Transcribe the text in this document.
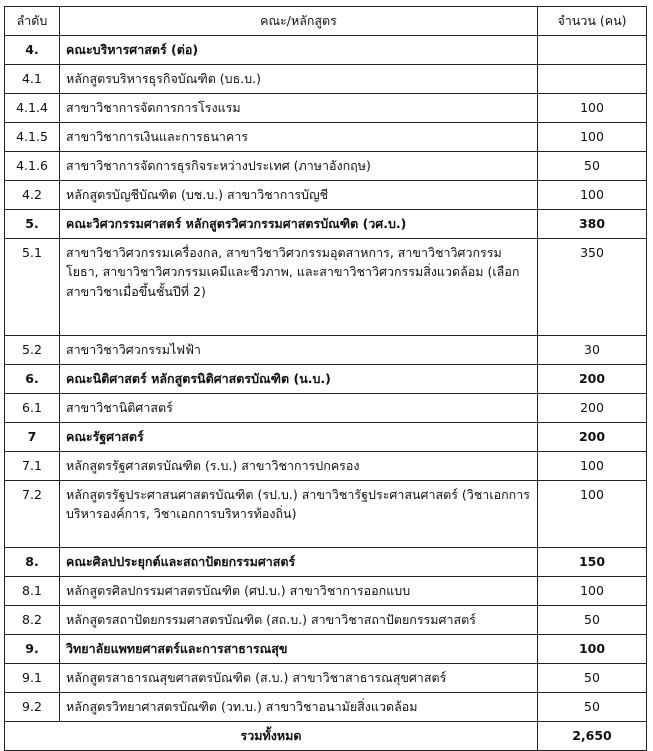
ลำดับ	คณะ/หลักสูตร	จำนวน (คน)
4.	คณะบริหารศาสตร์ (ต่อ)	
4.1	หลักสูตรบริหารธุรกิจบัณฑิต (บธ.บ.)	
4.1.4	สาขาวิชาการจัดการการโรงแรม	100
4.1.5	สาขาวิชาการเงินและการธนาคาร	100
4.1.6	สาขาวิชาการจัดการธุรกิจระหว่างประเทศ (ภาษาอังกฤษ)	50
4.2	หลักสูตรบัญชีบัณฑิต (บช.บ.) สาขาวิชาการบัญชี	100
5.	คณะวิศวกรรมศาสตร์ หลักสูตรวิศวกรรมศาสตรบัณฑิต (วศ.บ.)	380
5.1	สาขาวิชาวิศวกรรมเครื่องกล, สาขาวิชาวิศวกรรมอุตสาหการ, สาขาวิชาวิศวกรรมโยธา, สาขาวิชาวิศวกรรมเคมีและชีวภาพ, และสาขาวิชาวิศวกรรมสิ่งแวดล้อม (เลือกสาขาวิชาเมื่อขึ้นชั้นปีที่ 2)	350
5.2	สาขาวิชาวิศวกรรมไฟฟ้า	30
6.	คณะนิติศาสตร์ หลักสูตรนิติศาสตรบัณฑิต (น.บ.)	200
6.1	สาขาวิชานิติศาสตร์	200
7	คณะรัฐศาสตร์	200
7.1	หลักสูตรรัฐศาสตรบัณฑิต (ร.บ.) สาขาวิชาการปกครอง	100
7.2	หลักสูตรรัฐประศาสนศาสตรบัณฑิต (รป.บ.) สาขาวิชารัฐประศาสนศาสตร์ (วิชาเอกการบริหารองค์การ, วิชาเอกการบริหารท้องถิ่น)	100
8.	คณะศิลปประยุกต์และสถาปัตยกรรมศาสตร์	150
8.1	หลักสูตรศิลปกรรมศาสตรบัณฑิต (ศป.บ.) สาขาวิชาการออกแบบ	100
8.2	หลักสูตรสถาปัตยกรรมศาสตรบัณฑิต (สถ.บ.) สาขาวิชาสถาปัตยกรรมศาสตร์	50
9.	วิทยาลัยแพทยศาสตร์และการสาธารณสุข	100
9.1	หลักสูตรสาธารณสุขศาสตรบัณฑิต (ส.บ.) สาขาวิชาสาธารณสุขศาสตร์	50
9.2	หลักสูตรวิทยาศาสตรบัณฑิต (วท.บ.) สาขาวิชาอนามัยสิ่งแวดล้อม	50
รวมทั้งหมด		2,650
